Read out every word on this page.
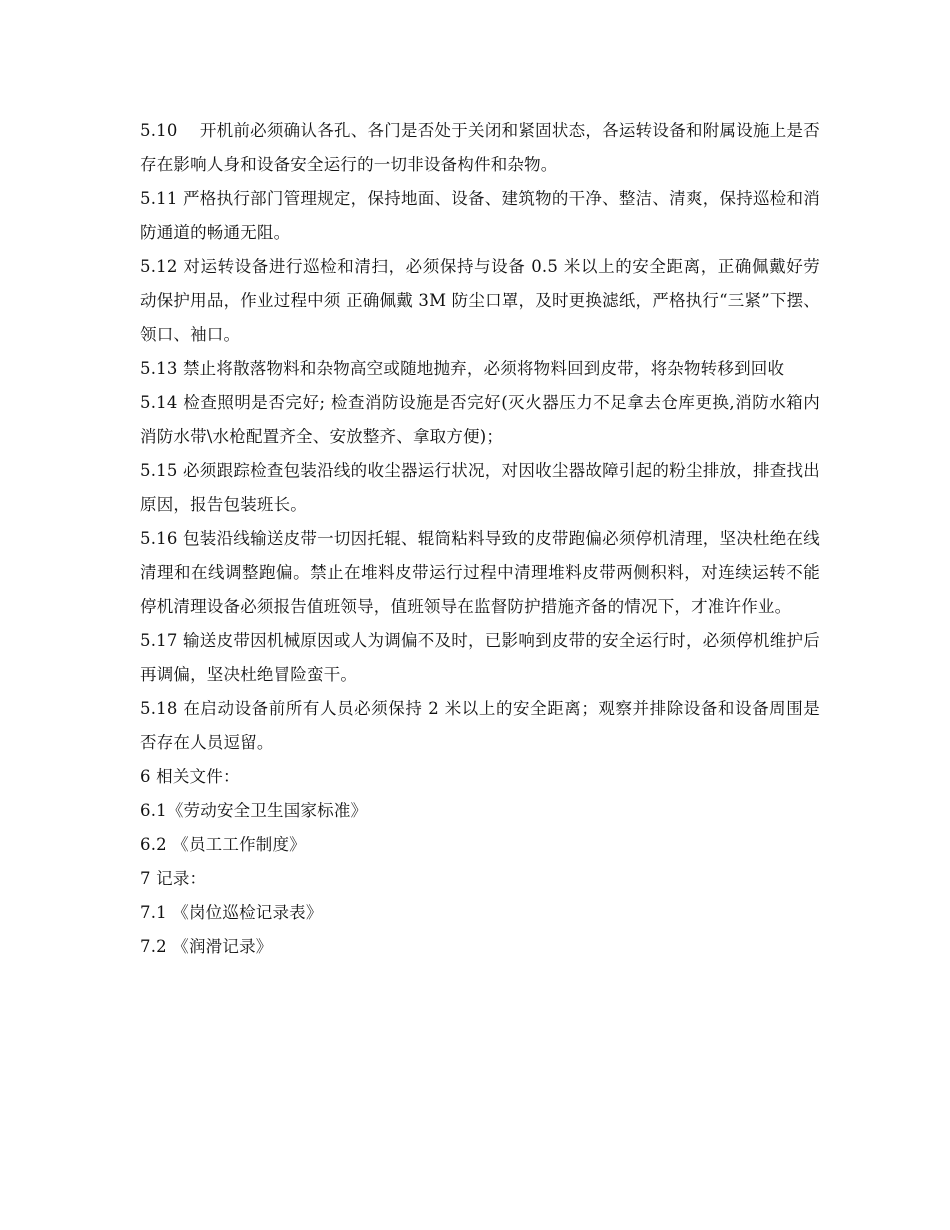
5.10　 开机前必须确认各孔、各门是否处于关闭和紧固状态，各运转设备和附属设施上是否存在影响人身和设备安全运行的一切非设备构件和杂物。

5.11 严格执行部门管理规定，保持地面、设备、建筑物的干净、整洁、清爽，保持巡检和消防通道的畅通无阻。

5.12 对运转设备进行巡检和清扫，必须保持与设备 0.5 米以上的安全距离，正确佩戴好劳动保护用品，作业过程中须 正确佩戴 3M 防尘口罩，及时更换滤纸，严格执行“三紧”下摆、领口、袖口。

5.13 禁止将散落物料和杂物高空或随地抛弃，必须将物料回到皮带，将杂物转移到回收

5.14 检查照明是否完好; 检查消防设施是否完好(灭火器压力不足拿去仓库更换,消防水箱内消防水带\水枪配置齐全、安放整齐、拿取方便)；

5.15 必须跟踪检查包装沿线的收尘器运行状况，对因收尘器故障引起的粉尘排放，排查找出原因，报告包装班长。

5.16 包装沿线输送皮带一切因托辊、辊筒粘料导致的皮带跑偏必须停机清理，坚决杜绝在线清理和在线调整跑偏。禁止在堆料皮带运行过程中清理堆料皮带两侧积料，对连续运转不能停机清理设备必须报告值班领导，值班领导在监督防护措施齐备的情况下，才准许作业。

5.17 输送皮带因机械原因或人为调偏不及时，已影响到皮带的安全运行时，必须停机维护后再调偏，坚决杜绝冒险蛮干。

5.18 在启动设备前所有人员必须保持 2 米以上的安全距离；观察并排除设备和设备周围是否存在人员逗留。

6 相关文件：

6.1《劳动安全卫生国家标准》

6.2 《员工工作制度》

7 记录：

7.1 《岗位巡检记录表》

7.2 《润滑记录》
